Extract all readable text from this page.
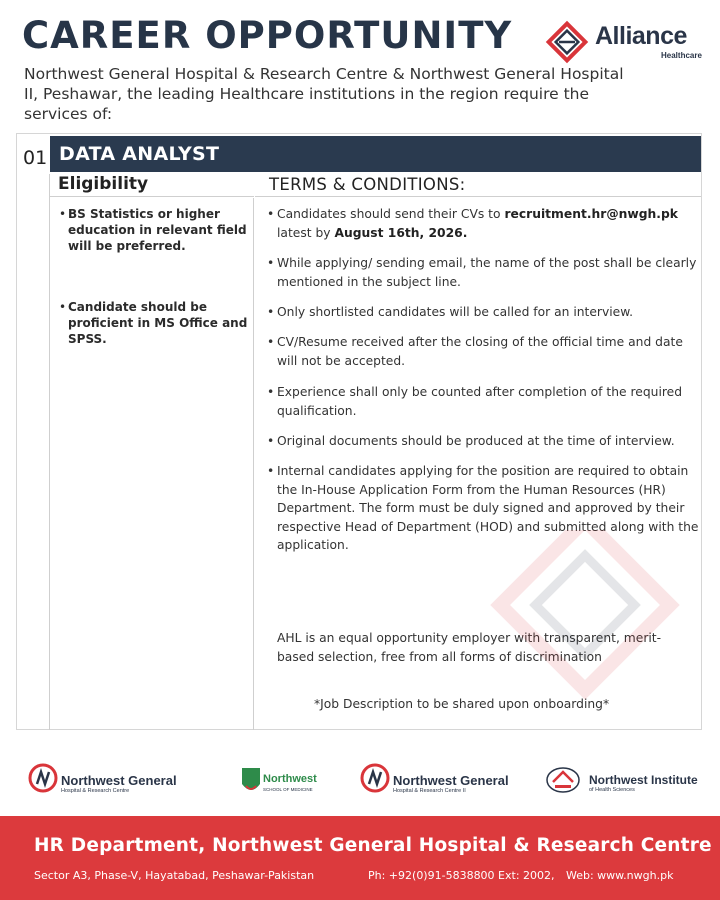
CAREER OPPORTUNITY	Alliance
Healthcare
Northwest General Hospital & Research Centre & Northwest General Hospital II, Peshawar, the leading Healthcare institutions in the region require the services of:
01 DATA ANALYST
Eligibility	TERMS & CONDITIONS:
• BS Statistics or higher education in relevant field will be preferred.
• Candidate should be proficient in MS Office and SPSS.
• Candidates should send their CVs to recruitment.hr@nwgh.pk latest by August 16th, 2026.
• While applying/ sending email, the name of the post shall be clearly mentioned in the subject line.
• Only shortlisted candidates will be called for an interview.
• CV/Resume received after the closing of the official time and date will not be accepted.
• Experience shall only be counted after completion of the required qualification.
• Original documents should be produced at the time of interview.
• Internal candidates applying for the position are required to obtain the In-House Application Form from the Human Resources (HR) Department. The form must be duly signed and approved by their respective Head of Department (HOD) and submitted along with the application.
AHL is an equal opportunity employer with transparent, merit-based selection, free from all forms of discrimination
*Job Description to be shared upon onboarding*
Northwest General
Hospital & Research Centre
Northwest
SCHOOL OF MEDICINE
Northwest General
Hospital & Research Centre II
Northwest Institute
of Health Sciences
HR Department, Northwest General Hospital & Research Centre
Sector A3, Phase-V, Hayatabad, Peshawar-Pakistan	Ph: +92(0)91-5838800 Ext: 2002, Web: www.nwgh.pk
